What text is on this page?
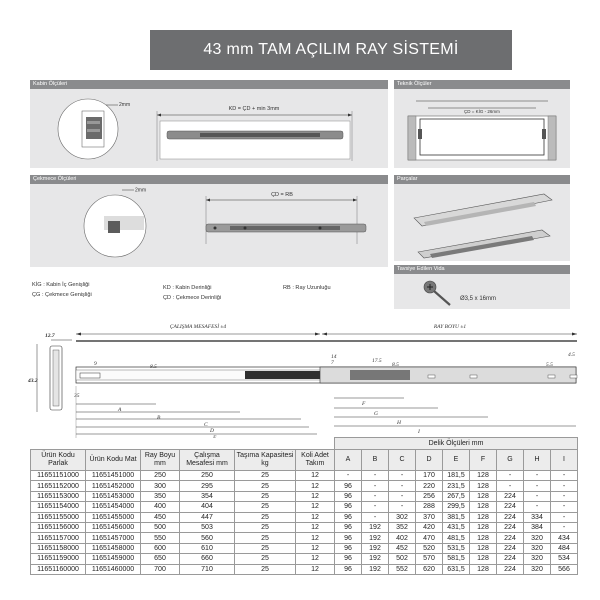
43 mm TAM AÇILIM RAY SİSTEMİ
Kabin Ölçüleri
2mm
KD = ÇD + min 3mm
Teknik Ölçüler
ÇD = KİG - 26mm
Çekmece Ölçüleri
2mm
ÇD = RB
Parçalar
Tavsiye Edilen Vida
Ø3,5 x 16mm
KİG : Kabin İç Genişliği
ÇG : Çekmece Genişliği
KD : Kabin Derinliği
ÇD : Çekmece Derinliği
RB : Ray Uzunluğu
12.7
43.2
ÇALIŞMA MESAFESİ ±4	RAY BOYU ±1
9
35
8.5
14
7	17.5
8.5	5.5
4.5
A
B
C
D
F
G
H
I
						Delik Ölçüleri mm								
Ürün Kodu Parlak	Ürün Kodu Mat	Ray Boyu mm	Çalışma Mesafesi mm	Taşıma Kapasitesi kg	Koli Adet Takım	A	B	C	D	E	F	G	H	I
11651151000	11651451000	250	250	25	12	-	-	-	170	181,5	128	-	-	-
11651152000	11651452000	300	295	25	12	96	-	-	220	231,5	128	-	-	-
11651153000	11651453000	350	354	25	12	96	-	-	256	267,5	128	224	-	-
11651154000	11651454000	400	404	25	12	96	-	-	288	299,5	128	224	-	-
11651155000	11651455000	450	447	25	12	96	-	302	370	381,5	128	224	334	-
11651156000	11651456000	500	503	25	12	96	192	352	420	431,5	128	224	384	-
11651157000	11651457000	550	560	25	12	96	192	402	470	481,5	128	224	320	434
11651158000	11651458000	600	610	25	12	96	192	452	520	531,5	128	224	320	484
11651159000	11651459000	650	660	25	12	96	192	502	570	581,5	128	224	320	534
11651160000	11651460000	700	710	25	12	96	192	552	620	631,5	128	224	320	566
